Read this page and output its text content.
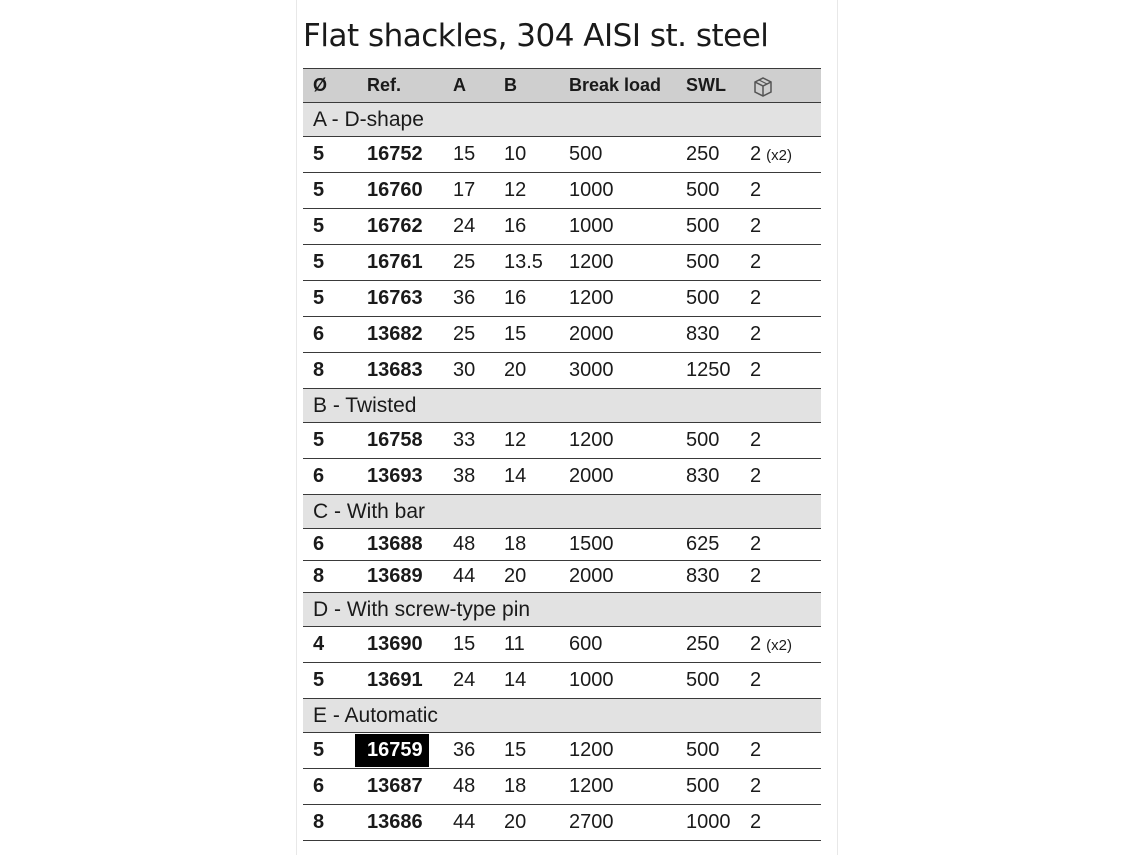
Flat shackles, 304 AISI st. steel
Ø Ref.	A B	Break load SWL
A - D-shape
5 16752 15 10 500	250 2 (x2)
5 16760 17 12 1000	500 2
5 16762 24 16 1000	500 2
5 16761 25 13.5 1200	500 2
5 16763 36 16 1200	500 2
6 13682 25 15 2000	830 2
8 13683 30 20 3000	1250 2
B - Twisted
5 16758 33 12 1200	500 2
6 13693 38 14 2000	830 2
C - With bar
6 13688 48 18 1500	625 2
8 13689 44 20 2000	830 2
D - With screw-type pin
4 13690 15 11 600	250 2 (x2)
5 13691 24 14 1000	500 2
E - Automatic
5 16759	36 15 1200	500 2
6 13687 48 18 1200	500 2
8 13686 44 20 2700	1000 2
